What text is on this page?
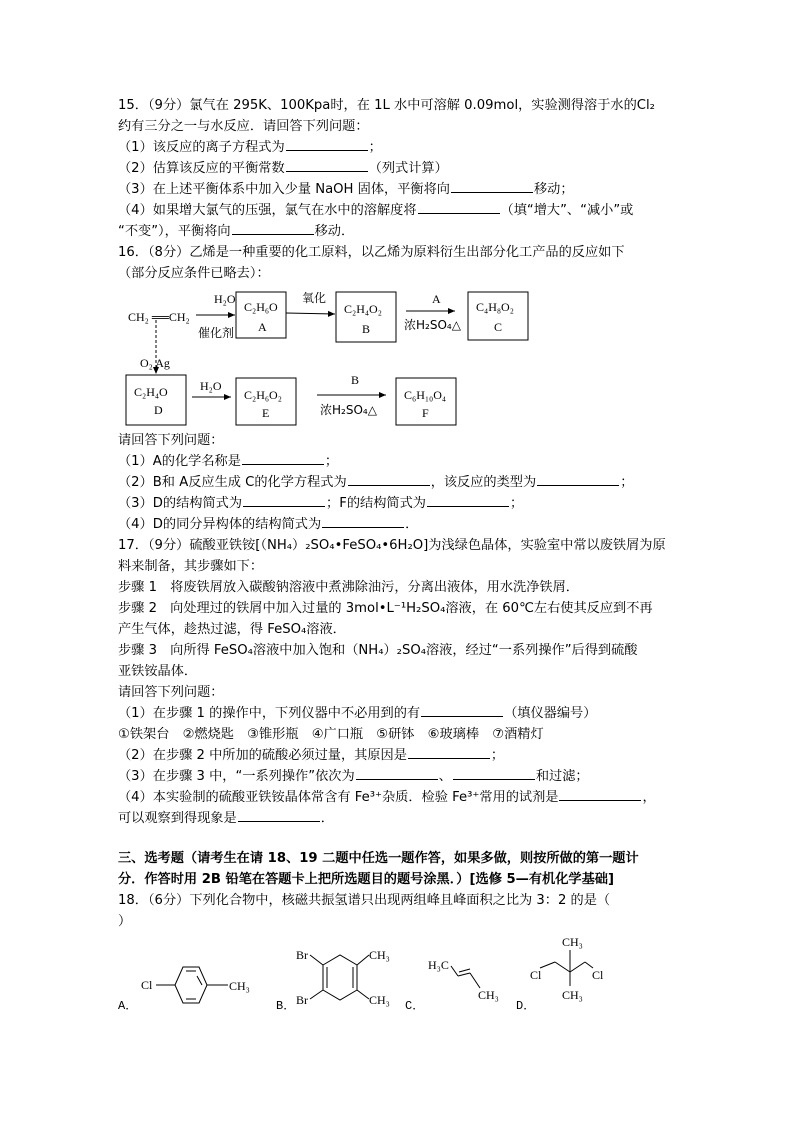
15．（9分）氯气在 295K、100Kpa时，在 1L 水中可溶解 0.09mol，实验测得溶于水的Cl₂
约有三分之一与水反应．请回答下列问题：
（1）该反应的离子方程式为	；
（2）估算该反应的平衡常数	（列式计算）
（3）在上述平衡体系中加入少量 NaOH 固体，平衡将向	移动；
（4）如果增大氯气的压强，氯气在水中的溶解度将	（填“增大”、“减小”或
“不变”），平衡将向	移动．
16．（8分）乙烯是一种重要的化工原料，以乙烯为原料衍生出部分化工产品的反应如下
（部分反应条件已略去）：
CH₂ ══CH₂
H₂O
催化剂
氧化	A
浓H₂SO₄△
O₂ Ag
H₂O	B
浓H₂SO₄△
C₂H₆O
A
C₂H₄O₂
B
C₄H₈O₂
C
C₂H₄O
D
C₂H₆O₂
E
C₆H₁₀O₄
F
A．
Cl	CH₃
B．
Br
Br
CH₃
CH₃ C．
H₃C
CH₃
D．
Cl	Cl
CH₃
CH₃
请回答下列问题：
（1）A的化学名称是	；
（2）B和 A反应生成 C的化学方程式为	，该反应的类型为	；
（3）D的结构简式为	；F的结构简式为	；
（4）D的同分异构体的结构简式为	．
17．（9分）硫酸亚铁铵[（NH₄）₂SO₄•FeSO₄•6H₂O]为浅绿色晶体，实验室中常以废铁屑为原
料来制备，其步骤如下：
步骤 1　将废铁屑放入碳酸钠溶液中煮沸除油污，分离出液体，用水洗净铁屑．
步骤 2　向处理过的铁屑中加入过量的 3mol•L⁻¹H₂SO₄溶液，在 60℃左右使其反应到不再
产生气体，趁热过滤，得 FeSO₄溶液．
步骤 3　向所得 FeSO₄溶液中加入饱和（NH₄）₂SO₄溶液，经过“一系列操作”后得到硫酸
亚铁铵晶体．
请回答下列问题：
（1）在步骤 1 的操作中，下列仪器中不必用到的有	（填仪器编号）
①铁架台　②燃烧匙　③锥形瓶　④广口瓶　⑤研钵　⑥玻璃棒　⑦酒精灯
（2）在步骤 2 中所加的硫酸必须过量，其原因是	；
（3）在步骤 3 中，“一系列操作”依次为	、	和过滤；
（4）本实验制的硫酸亚铁铵晶体常含有 Fe³⁺杂质．检验 Fe³⁺常用的试剂是	，
可以观察到得现象是	．
三、选考题（请考生在请 18、19 二题中任选一题作答，如果多做，则按所做的第一题计
分．作答时用 2B 铅笔在答题卡上把所选题目的题号涂黑．）[选修 5—有机化学基础]
18．（6分）下列化合物中，核磁共振氢谱只出现两组峰且峰面积之比为 3：2 的是（
）
